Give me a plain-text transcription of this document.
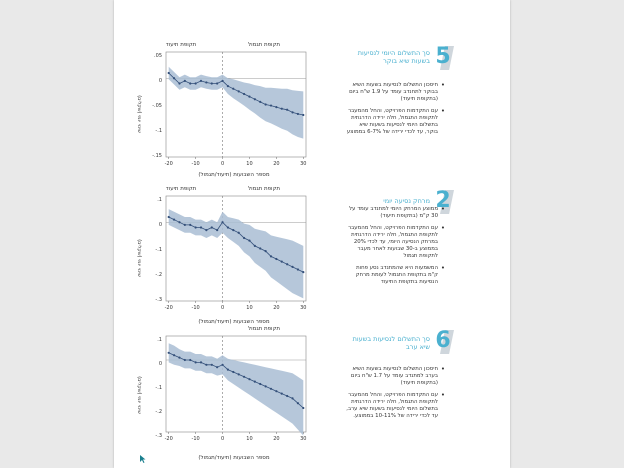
-20	-10	0	10	20	30
תקופת תיעוד	תקופת תגמול
שינוי יומי (שקלים)
מספר השבועות (תיעוד/תגמול)
.05
0
-.05
-.1
-.15
-20	-10	0	10	20	30
תקופת תיעוד	תקופת תגמול
שינוי יומי (שקלים)
מספר השבועות (תיעוד/תגמול)
.1
0
-.1
-.2
-.3
-20	-10	0	10	20	30
תקופת תגמול
שינוי יומי (שקלים)
מספר השבועות (תיעוד/תגמול)
.1
0
-.1
-.2
-.3
סך התשלום היומי לנסיעות בשעות שיא בוקר 5
• חיסכון התשלום לנסיעות בשעות השיא בבוקר לתחנדב עומד על 1.9 ש"ח ביום (בתקופת תיעוד)
• עם התקדמות הפרויקט, והחל מהמעבר לתקופת התגמול, חלה ירידה הדרגתית בתשלום היומי לנסיעות בשעות שיא בוקר, עד לכדי ירידה של 7%-6 בממוצע
מרחק נסיעה יומי 2
• ממוצע המרחק היומי למתנדב עומד על 30 ק"מ (בתקופת תיעוד)
• עם התקדמות הפרויקט, והחל מהמעבר לתקופת התגמול, חלה ירידה הדרגתית במרחק הנסיעה היומי, עד לכדי 20% בממוצע ב-30 שבועות לאחר מעבר לתקופת תגמול
• המשמעות היא שהמתנדב נסע פחות ק"מ בתקופת התגמול לעומת מרחק הנסיעות בתקופת התיעוד
סך התשלום לנסיעות בשעות שיא ערב 6
• חיסכון התשלום לנסיעות בשעות השיא בערב למתנדב עומד על 1.7 ש"ח ביום (בתקופת תיעוד)
• עם התקדמות הפרויקט, והחל מהמעבר לתקופת התגמול, חלה ירידה הדרגתית בתשלום היומי לנסיעות בשעות שיא ערב, עד לכדי ירידה של 11%-10 בממוצע.
